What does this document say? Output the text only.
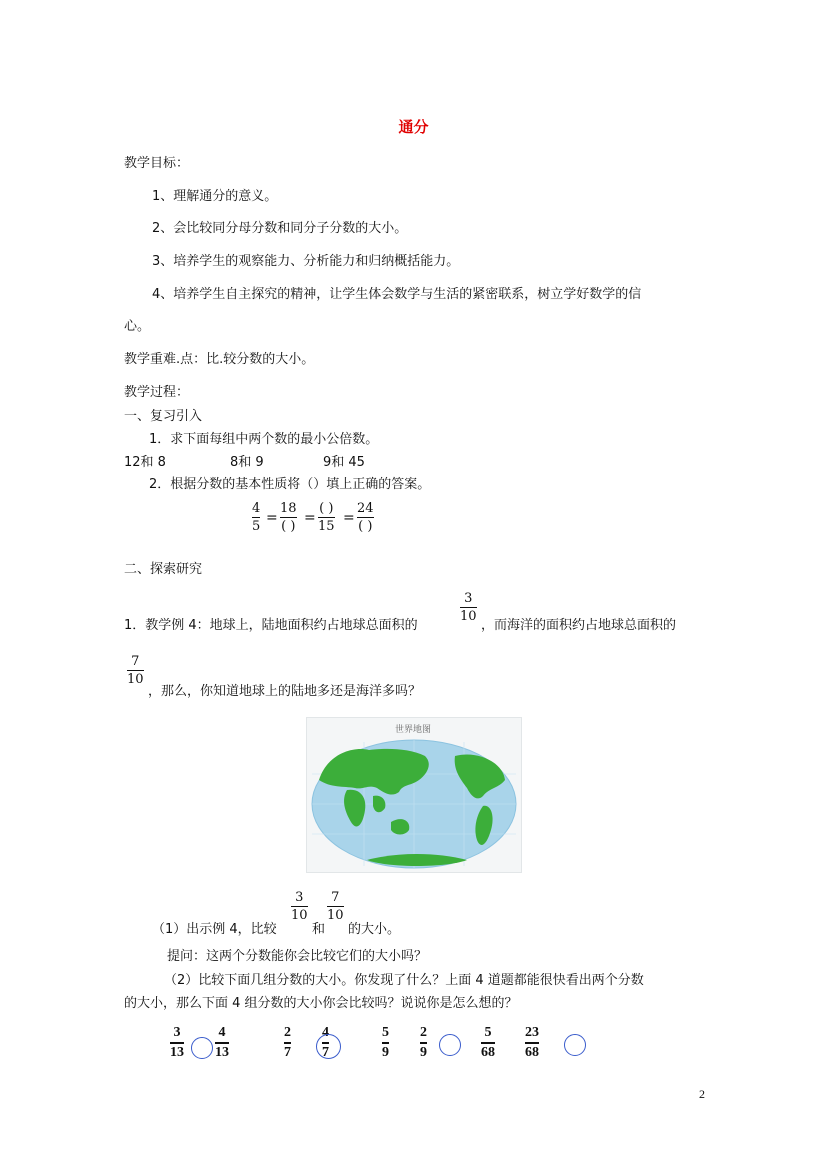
通分
教学目标：
1、理解通分的意义。
2、会比较同分母分数和同分子分数的大小。
3、培养学生的观察能力、分析能力和归纳概括能力。
4、培养学生自主探究的精神，让学生体会数学与生活的紧密联系，树立学好数学的信
心。
教学重难.点：比.较分数的大小。
教学过程：
一、复习引入
1．求下面每组中两个数的最小公倍数。
12和 8	8和 9	9和 45
2．根据分数的基本性质将（）填上正确的答案。
4
5
=
18
( )
=
( )
15
=
24
( )
二、探索研究
1．教学例 4：地球上，陆地面积约占地球总面积的
3
10
，而海洋的面积约占地球总面积的
7
10
，那么，你知道地球上的陆地多还是海洋多吗？
世界地图
（1）出示例 4，比较
3
10
和
7
10
的大小。
提问：这两个分数能你会比较它们的大小吗？
（2）比较下面几组分数的大小。你发现了什么？上面 4 道题都能很快看出两个分数
的大小，那么下面 4 组分数的大小你会比较吗？说说你是怎么想的？
3
13
4
13
2
7
4
7
5
9
2
9
5
68
23
68
2
